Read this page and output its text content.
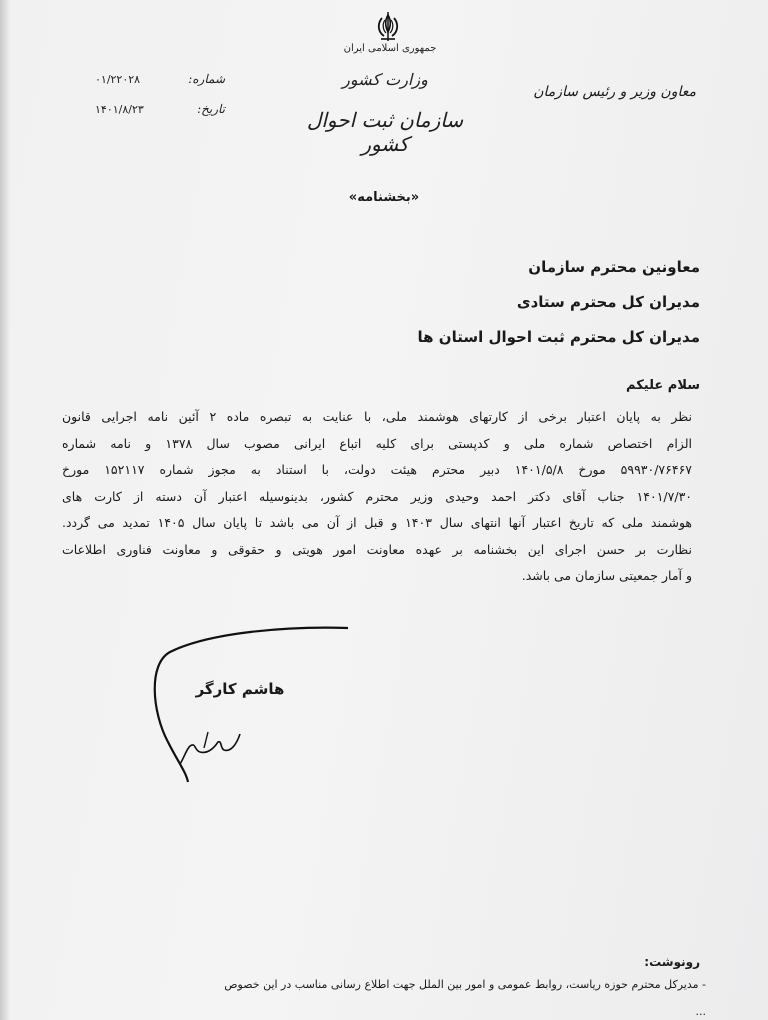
جمهوری اسلامی ایران
وزارت کشور
سازمان ثبت احوال کشور
شماره:
۰۱/۲۲۰۲۸
تاریخ:
۱۴۰۱/۸/۲۳
معاون وزیر و رئیس سازمان
«بخشنامه»
معاونین محترم سازمان
مدیران کل محترم ستادی
مدیران کل محترم ثبت احوال استان ها
سلام علیکم
نظر به پایان اعتبار برخی از کارتهای هوشمند ملی، با عنایت به تبصره ماده ۲ آئین نامه اجرایی قانون
الزام اختصاص شماره ملی و کدپستی برای کلیه اتباع ایرانی مصوب سال ۱۳۷۸ و نامه شماره
۵۹۹۳۰/۷۶۴۶۷ مورخ ۱۴۰۱/۵/۸ دبیر محترم هیئت دولت، با استناد به مجوز شماره ۱۵۲۱۱۷ مورخ
۱۴۰۱/۷/۳۰ جناب آقای دکتر احمد وحیدی وزیر محترم کشور، بدینوسیله اعتبار آن دسته از کارت های
هوشمند ملی که تاریخ اعتبار آنها انتهای سال ۱۴۰۳ و قبل از آن می باشد تا پایان سال ۱۴۰۵ تمدید می گردد.
نظارت بر حسن اجرای این بخشنامه بر عهده معاونت امور هویتی و حقوقی و معاونت فناوری اطلاعات
و آمار جمعیتی سازمان می باشد.
هاشم کارگر
رونوشت:
- مدیرکل محترم حوزه ریاست، روابط عمومی و امور بین الملل جهت اطلاع رسانی مناسب در این خصوص
...
